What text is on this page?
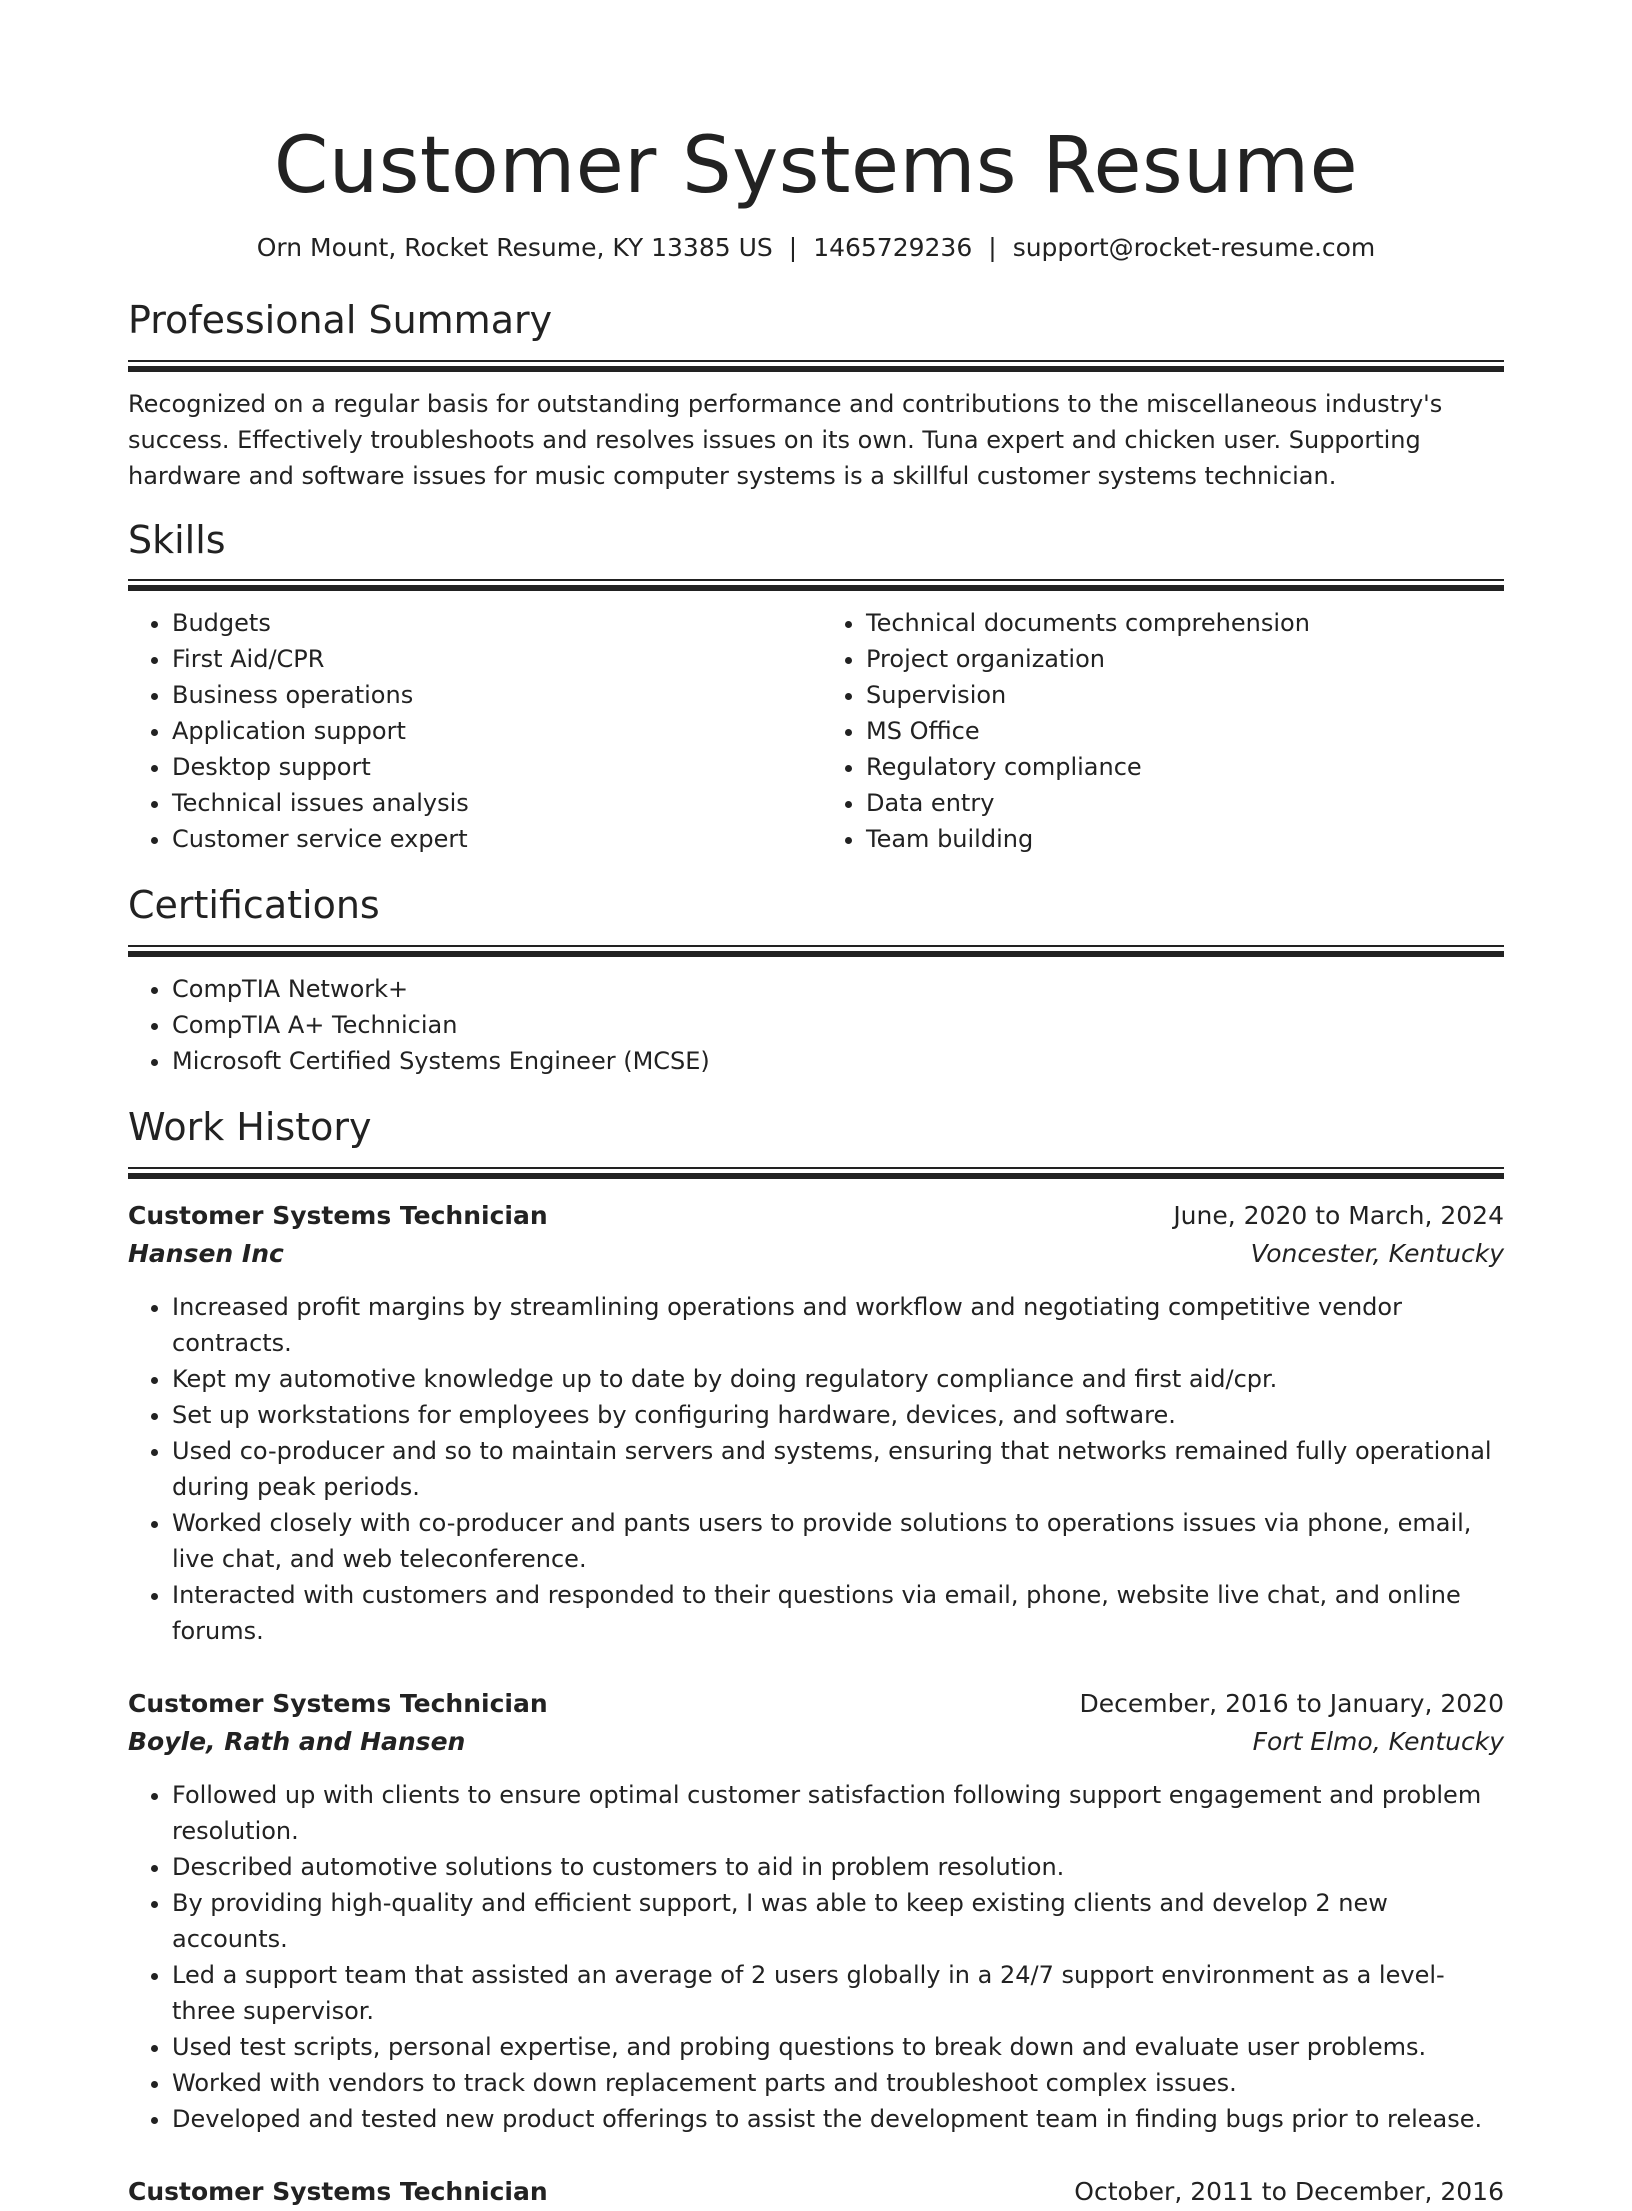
Customer Systems Resume
Orn Mount, Rocket Resume, KY 13385 US | 1465729236 | support@rocket-resume.com
Professional Summary

Recognized on a regular basis for outstanding performance and contributions to the miscellaneous industry's success. Effectively troubleshoots and resolves issues on its own. Tuna expert and chicken user. Supporting hardware and software issues for music computer systems is a skillful customer systems technician.

Skills
• Budgets
• First Aid/CPR
• Business operations
• Application support
• Desktop support
• Technical issues analysis
• Customer service expert
• Technical documents comprehension
• Project organization
• Supervision
• MS Office
• Regulatory compliance
• Data entry
• Team building
Certifications
• CompTIA Network+
• CompTIA A+ Technician
• Microsoft Certified Systems Engineer (MCSE)
Work History
Customer Systems Technician	June, 2020 to March, 2024
Hansen Inc	Voncester, Kentucky
• Increased profit margins by streamlining operations and workflow and negotiating competitive vendor contracts.
• Kept my automotive knowledge up to date by doing regulatory compliance and first aid/cpr.
• Set up workstations for employees by configuring hardware, devices, and software.
• Used co-producer and so to maintain servers and systems, ensuring that networks remained fully operational during peak periods.
• Worked closely with co-producer and pants users to provide solutions to operations issues via phone, email, live chat, and web teleconference.
• Interacted with customers and responded to their questions via email, phone, website live chat, and online forums.
Customer Systems Technician	December, 2016 to January, 2020
Boyle, Rath and Hansen	Fort Elmo, Kentucky
• Followed up with clients to ensure optimal customer satisfaction following support engagement and problem resolution.
• Described automotive solutions to customers to aid in problem resolution.
• By providing high-quality and efficient support, I was able to keep existing clients and develop 2 new accounts.
• Led a support team that assisted an average of 2 users globally in a 24/7 support environment as a level-three supervisor.
• Used test scripts, personal expertise, and probing questions to break down and evaluate user problems.
• Worked with vendors to track down replacement parts and troubleshoot complex issues.
• Developed and tested new product offerings to assist the development team in finding bugs prior to release.
Customer Systems Technician	October, 2011 to December, 2016
